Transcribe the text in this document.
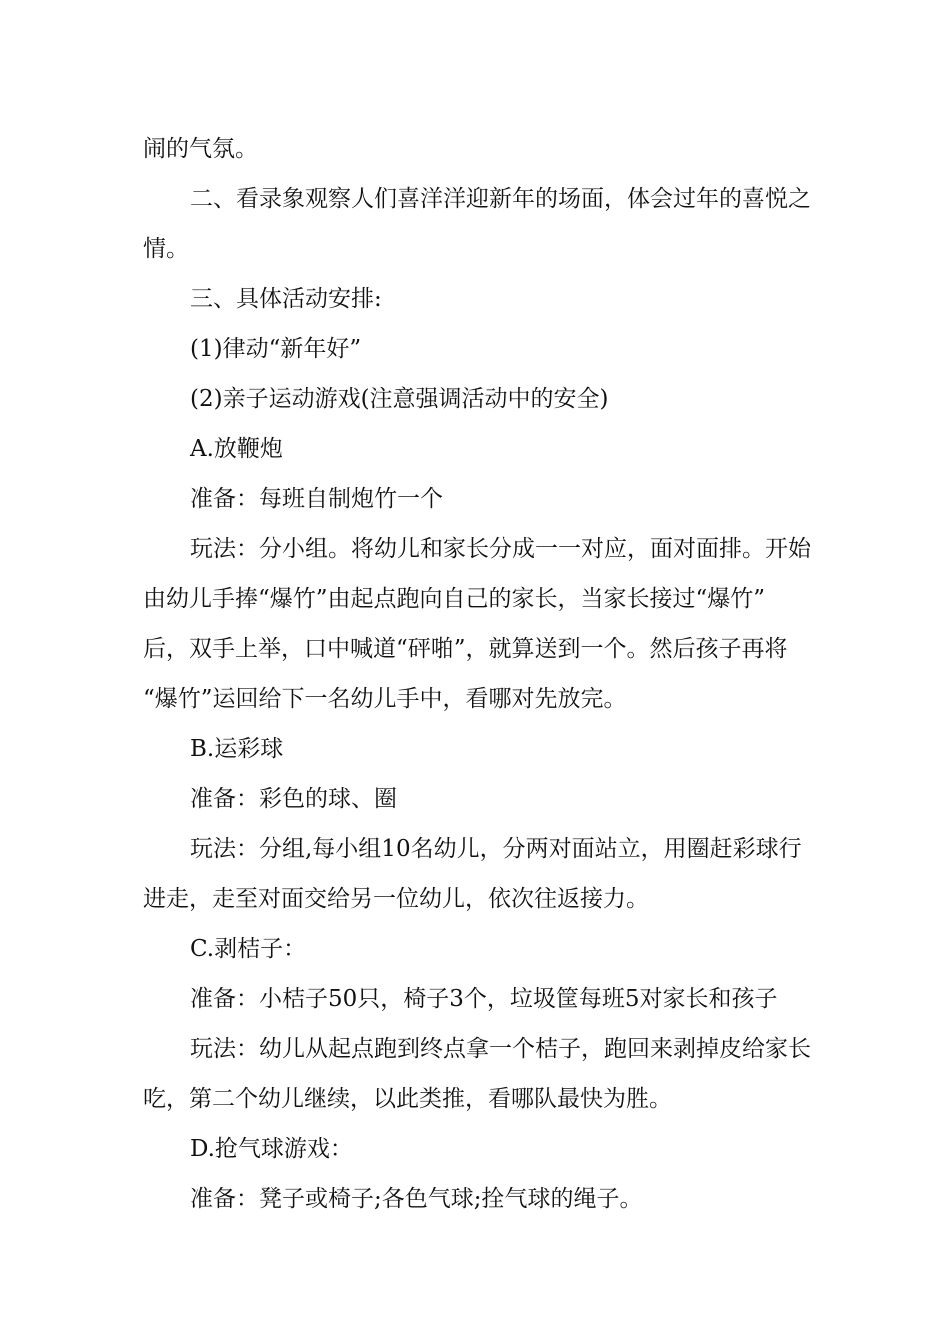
闹的气氛。
二、看录象观察人们喜洋洋迎新年的场面，体会过年的喜悦之
情。
三、具体活动安排:
(1)律动“新年好”
(2)亲子运动游戏(注意强调活动中的安全)
A.放鞭炮
准备：每班自制炮竹一个
玩法：分小组。将幼儿和家长分成一一对应，面对面排。开始
由幼儿手捧“爆竹”由起点跑向自己的家长，当家长接过“爆竹”
后，双手上举，口中喊道“砰啪”，就算送到一个。然后孩子再将
“爆竹”运回给下一名幼儿手中，看哪对先放完。
B.运彩球
准备：彩色的球、圈
玩法：分组,每小组10名幼儿，分两对面站立，用圈赶彩球行
进走，走至对面交给另一位幼儿，依次往返接力。
C.剥桔子：
准备：小桔子50只，椅子3个，垃圾筐每班5对家长和孩子
玩法：幼儿从起点跑到终点拿一个桔子，跑回来剥掉皮给家长
吃，第二个幼儿继续，以此类推，看哪队最快为胜。
D.抢气球游戏：
准备：凳子或椅子;各色气球;拴气球的绳子。
